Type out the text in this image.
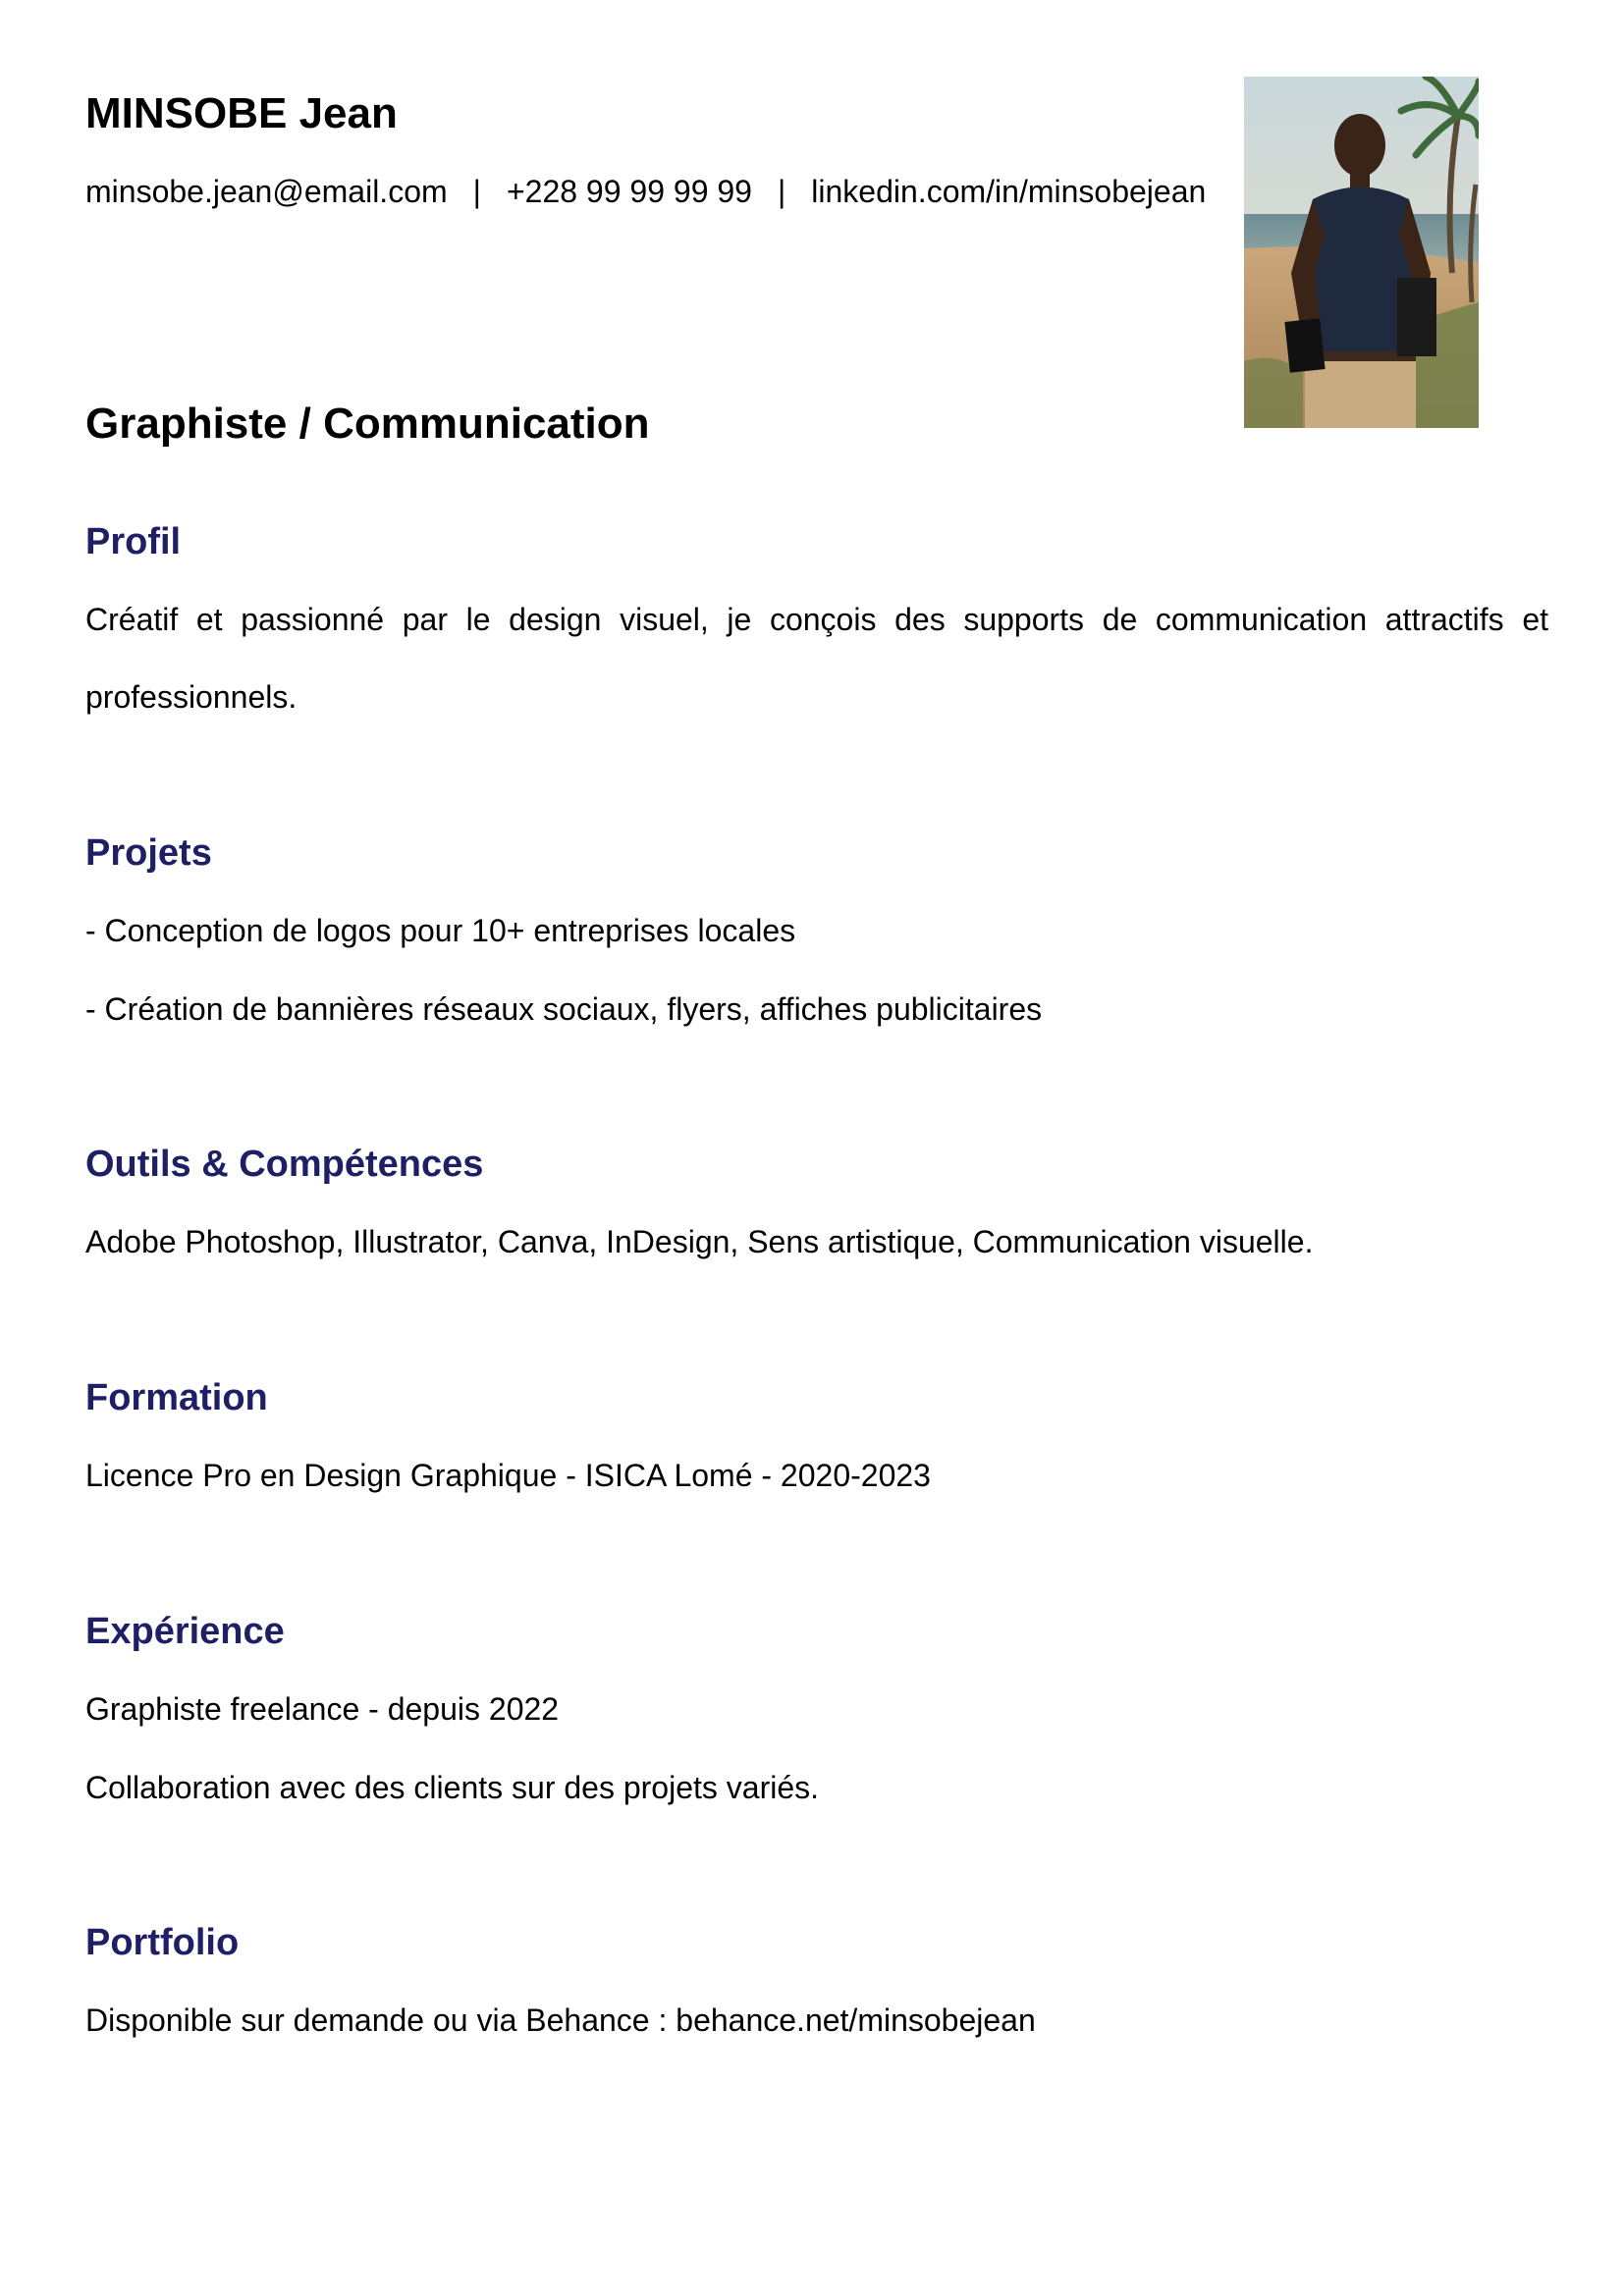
MINSOBE Jean
minsobe.jean@email.com | +228 99 99 99 99 | linkedin.com/in/minsobejean
Graphiste / Communication
Profil

Créatif et passionné par le design visuel, je conçois des supports de communication attractifs et professionnels.

Projets
- Conception de logos pour 10+ entreprises locales
- Création de bannières réseaux sociaux, flyers, affiches publicitaires
Outils & Compétences
Adobe Photoshop, Illustrator, Canva, InDesign, Sens artistique, Communication visuelle.
Formation
Licence Pro en Design Graphique - ISICA Lomé - 2020-2023
Expérience
Graphiste freelance - depuis 2022
Collaboration avec des clients sur des projets variés.
Portfolio
Disponible sur demande ou via Behance : behance.net/minsobejean
